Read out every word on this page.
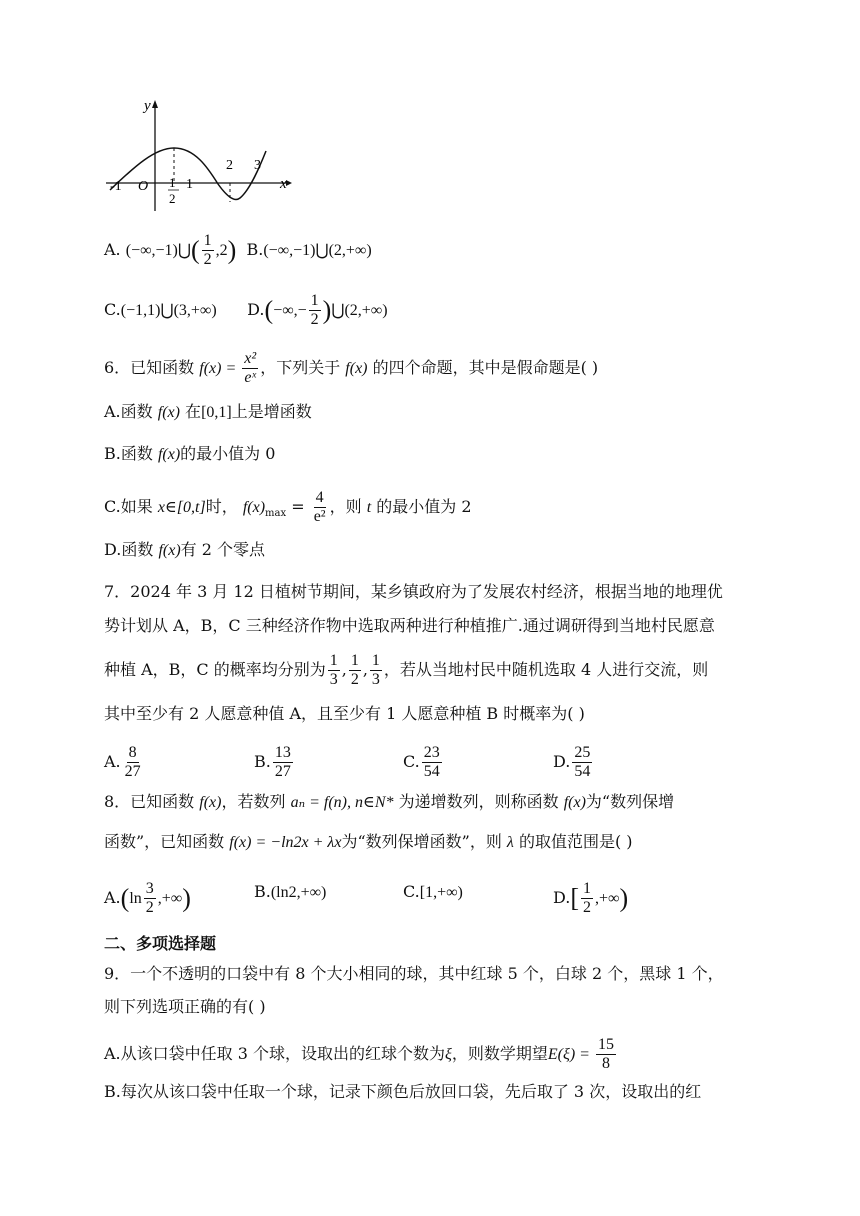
y
x
O
-1	1
2
1
2 3
A. (−∞,−1)⋃( $\frac{1}{2} ,2$) B.(−∞,−1)⋃(2,+∞)
C.(−1,1)⋃(3,+∞) $D.(-\infty,- \frac{1}{2}$ )⋃(2,+∞)
6．已知函数 $f(x) = \frac{\text{x²}}{\text{eˣ}}$ ，下列关于 f(x) 的四个命题，其中是假命题是( )
A.函数 f(x) 在[0,1]上是增函数
B.函数 f(x)的最小值为 0
C.如果 x∈[0,t]时， $f(x)_{max} = \frac{4}{\text{e²}}$ ，则 t 的最小值为 2
D.函数 f(x)有 2 个零点
7．2024 年 3 月 12 日植树节期间，某乡镇政府为了发展农村经济，根据当地的地理优
势计划从 A，B，C 三种经济作物中选取两种进行种植推广.通过调研得到当地村民愿意
种植 A，B，C 的概率均分别为 $\frac{1}{3}$ , $\frac{1}{2}$ , $\frac{1}{3}$ ，若从当地村民中随机选取 4 人进行交流，则
其中至少有 2 人愿意种值 A，且至少有 1 人愿意种植 B 时概率为( )
A. $\frac{8}{27}$	B. $\frac{13}{27}$	C. $\frac{23}{54}$	D. $\frac{25}{54}$
8．已知函数 f(x)，若数列 aₙ = f(n), n∈N* 为递增数列，则称函数 f(x)为“数列保增
函数”，已知函数 f(x) = −ln2x + λx为“数列保增函数”，则 λ 的取值范围是( )
$A.(\ln \frac{3}{2}$ ,+∞)	B.(ln2,+∞)	C.[1,+∞)	$D.[ \frac{1}{2}$ ,+∞)
二、多项选择题
9．一个不透明的口袋中有 8 个大小相同的球，其中红球 5 个，白球 2 个，黑球 1 个，
则下列选项正确的有( )
A.从该口袋中任取 3 个球，设取出的红球个数为ξ，则数学期望$E(\xi) = \frac{15}{8}$
B.每次从该口袋中任取一个球，记录下颜色后放回口袋，先后取了 3 次，设取出的红
